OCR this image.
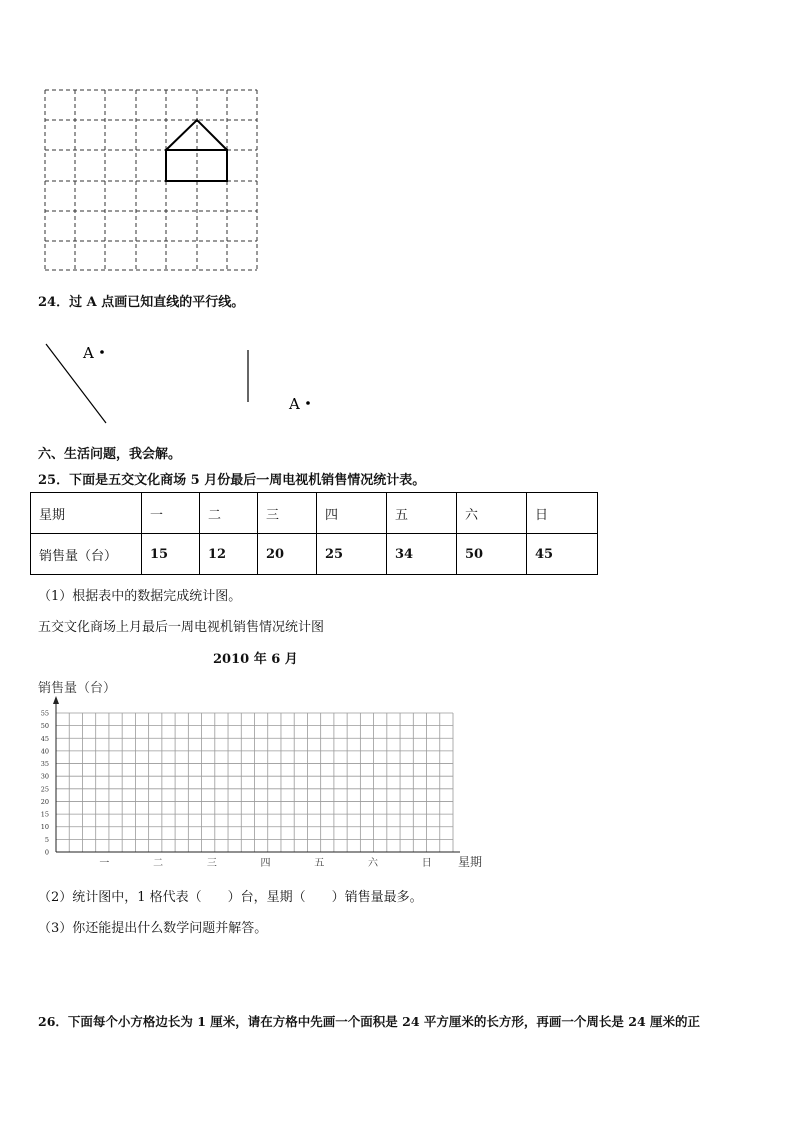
24．过 A 点画已知直线的平行线。
A
A
六、生活问题，我会解。
25．下面是五交文化商场 5 月份最后一周电视机销售情况统计表。
星期	一	二	三	四	五	六	日
销售量（台）	15	12	20	25	34	50	45
（1）根据表中的数据完成统计图。
五交文化商场上月最后一周电视机销售情况统计图
2010 年 6 月
销售量（台）
星期
0
5
10
15
20
25
30
35
40
45
50
55
一	二	三	四	五	六	日
（2）统计图中，1 格代表（　　）台，星期（　　）销售量最多。
（3）你还能提出什么数学问题并解答。
26．下面每个小方格边长为 1 厘米，请在方格中先画一个面积是 24 平方厘米的长方形，再画一个周长是 24 厘米的正
